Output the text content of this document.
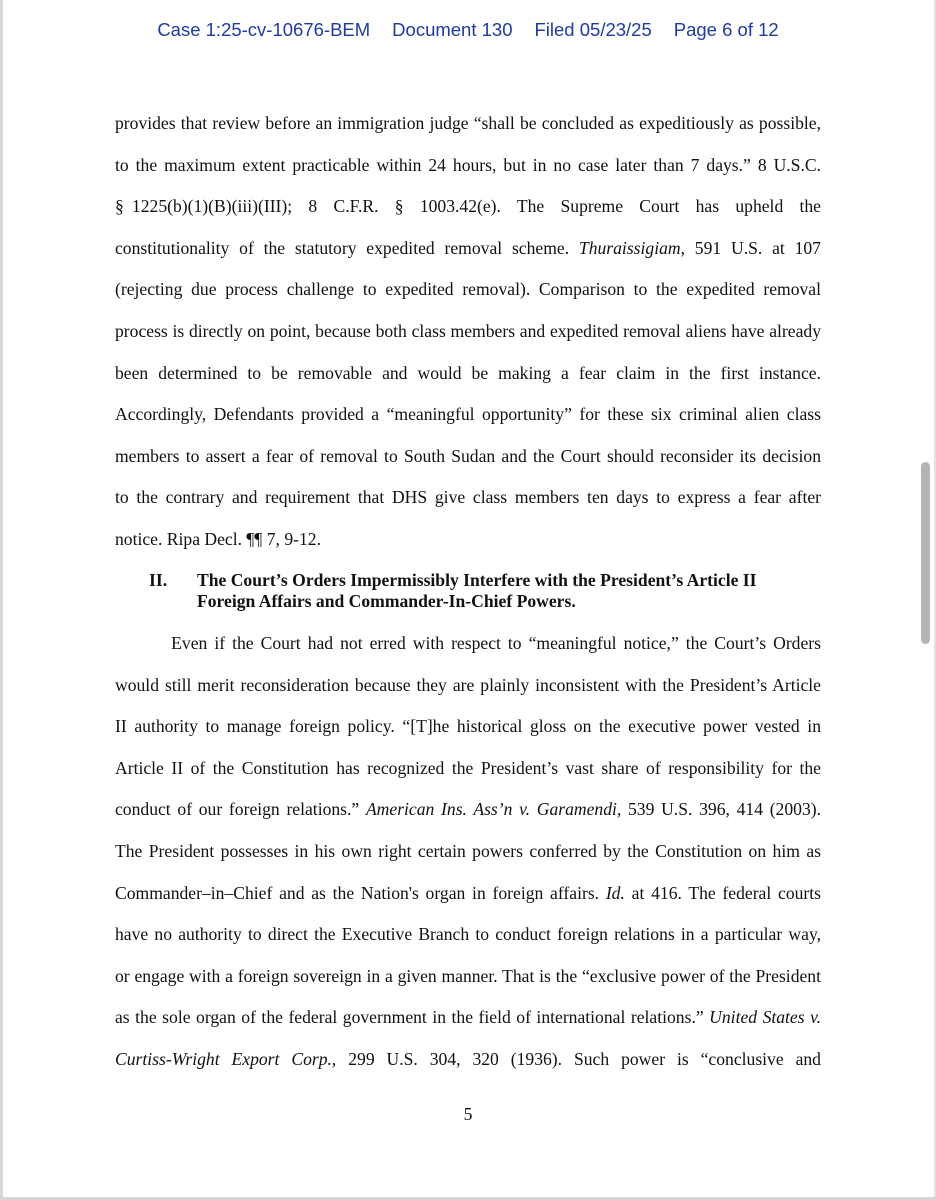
Case 1:25-cv-10676-BEM Document 130 Filed 05/23/25 Page 6 of 12
provides that review before an immigration judge “shall be concluded as expeditiously as possible,
to the maximum extent practicable within 24 hours, but in no case later than 7 days.” 8 U.S.C.
§ 1225(b)(1)(B)(iii)(III);  8  C.F.R.  §  1003.42(e).  The  Supreme  Court  has  upheld  the
constitutionality of the statutory expedited removal scheme. Thuraissigiam, 591 U.S. at 107
(rejecting due process challenge to expedited removal). Comparison to the expedited removal
process is directly on point, because both class members and expedited removal aliens have already
been determined to be removable and would be making a fear claim in the first instance.
Accordingly, Defendants provided a “meaningful opportunity” for these six criminal alien class
members to assert a fear of removal to South Sudan and the Court should reconsider its decision
to the contrary and requirement that DHS give class members ten days to express a fear after
notice. Ripa Decl. ¶¶ 7, 9-12.
II.	The Court’s Orders Impermissibly Interfere with the President’s Article II
Foreign Affairs and Commander-In-Chief Powers.
Even if the Court had not erred with respect to “meaningful notice,” the Court’s Orders
would still merit reconsideration because they are plainly inconsistent with the President’s Article
II authority to manage foreign policy. “[T]he historical gloss on the executive power vested in
Article II of the Constitution has recognized the President’s vast share of responsibility for the
conduct of our foreign relations.” American Ins. Ass’n v. Garamendi, 539 U.S. 396, 414 (2003).
The President possesses in his own right certain powers conferred by the Constitution on him as
Commander–in–Chief and as the Nation's organ in foreign affairs. Id. at 416. The federal courts
have no authority to direct the Executive Branch to conduct foreign relations in a particular way,
or engage with a foreign sovereign in a given manner. That is the “exclusive power of the President
as the sole organ of the federal government in the field of international relations.” United States v.
Curtiss-Wright Export Corp., 299 U.S. 304, 320 (1936). Such power is “conclusive and
5
